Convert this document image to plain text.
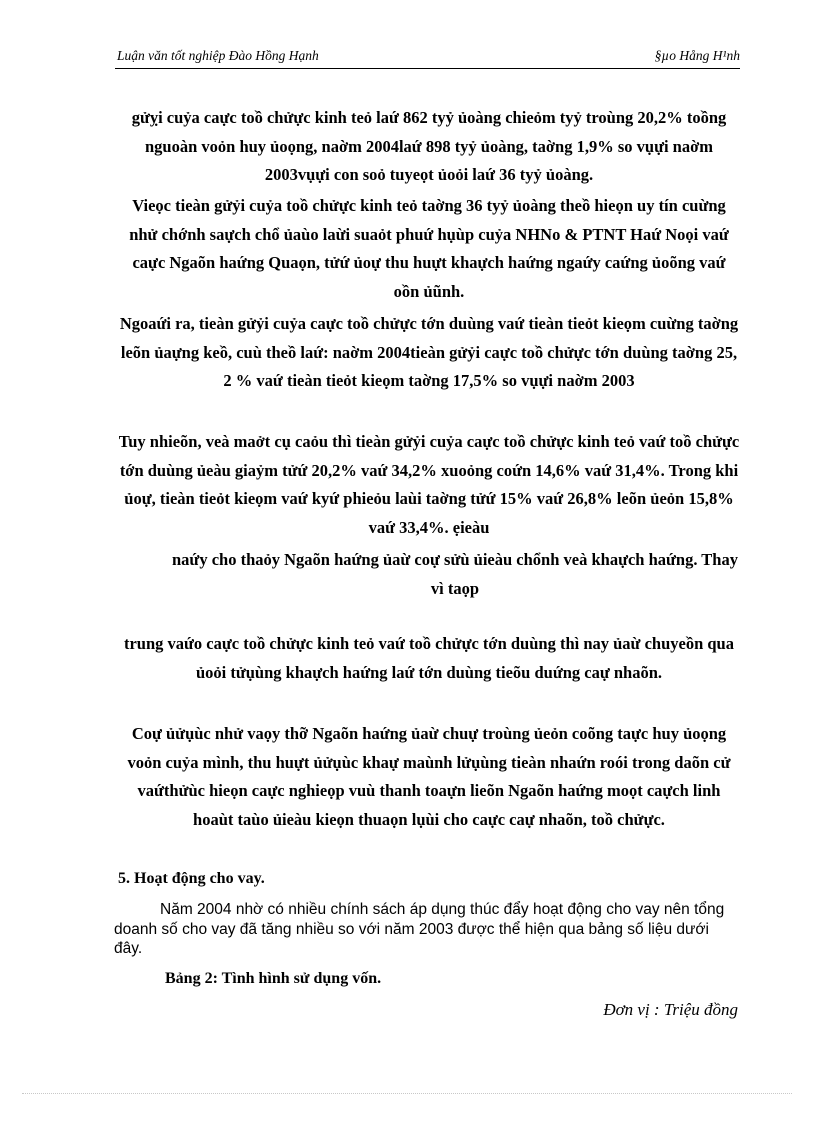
Luận văn tốt nghiệp Đào Hồng Hạnh	§µo Hång H¹nh

gửỵi cuỷa caực toồ chửực kinh teỏ laứ 862 tyỷ ủoàng chieỏm tyỷ troùng 20,2% toồng nguoàn voỏn huy ủoọng, naờm 2004laứ 898 tyỷ ủoàng, taờng 1,9% so vụựi naờm 2003vụựi con soỏ tuyeọt ủoỏi laứ 36 tyỷ ủoàng.

Vieọc tieàn gửỷi cuỷa toồ chửực kinh teỏ taờng 36 tyỷ ủoàng theồ hieọn uy tín cuừng nhử chớnh saựch chổ ủaùo laừi suaỏt phuứ hụùp cuỷa NHNo & PTNT Haứ Noọi vaứ caực Ngaõn haứng Quaọn, tửứ ủoự thu huựt khaựch haứng ngaứy caứng ủoõng vaứ oồn ủũnh.

Ngoaứi ra, tieàn gửỷi cuỷa caực toồ chửực tớn duùng vaứ tieàn tieỏt kieọm cuừng taờng leõn ủaựng keồ, cuù theồ laứ: naờm 2004tieàn gửỷi caực toồ chửực tớn duùng taờng 25, 2 % vaứ tieàn tieỏt kieọm taờng 17,5% so vụựi naờm 2003

Tuy nhieõn, veà maởt cụ caỏu thì tieàn gửỷi cuỷa caực toồ chửực kinh teỏ vaứ toồ chửực tớn duùng ủeàu giaỷm tửứ 20,2% vaứ 34,2% xuoỏng coứn 14,6% vaứ 31,4%. Trong khi ủoự, tieàn tieỏt kieọm vaứ kyứ phieỏu laùi taờng tửứ 15% vaứ 26,8% leõn ủeỏn 15,8% vaứ 33,4%. ẹieàu

naứy cho thaỏy Ngaõn haứng ủaừ coự sửù ủieàu chổnh veà khaựch haứng. Thay vì taọp

trung vaứo caực toồ chửực kinh teỏ vaứ toồ chửực tớn duùng thì nay ủaừ chuyeồn qua ủoỏi tửụùng khaựch haứng laứ tớn duùng tieõu duứng caự nhaõn.

Coự ủửụùc nhử vaọy thỡ Ngaõn haứng ủaừ chuự troùng ủeỏn coõng taực huy ủoọng voỏn cuỷa mình, thu huựt ủửụùc khaự maùnh lửụùng tieàn nhaứn roói trong daõn cử vaứthửùc hieọn caực nghieọp vuù thanh toaựn lieõn Ngaõn haứng moọt caựch linh hoaùt taùo ủieàu kieọn thuaọn lụùi cho caực caự nhaõn, toồ chửực.

5. Hoạt động cho vay.

Năm 2004 nhờ có nhiều chính sách áp dụng thúc đẩy hoạt động cho vay nên tổng doanh số cho vay đã tăng nhiều so với năm 2003 được thể hiện qua bảng số liệu dưới đây.

Bảng 2: Tình hình sử dụng vốn.

Đơn vị : Triệu đồng
